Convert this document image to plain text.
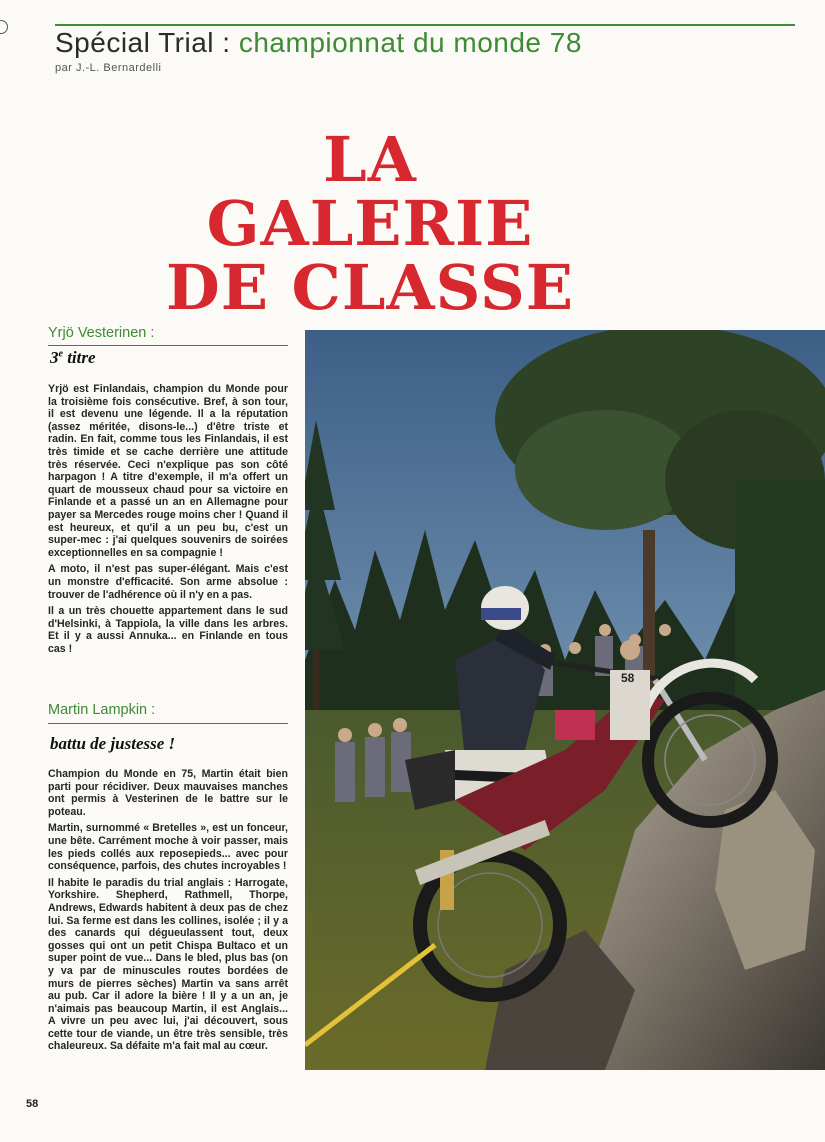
Spécial Trial : championnat du monde 78
par J.-L. Bernardelli
LA
GALERIE
DE CLASSE
Yrjö Vesterinen :
3e titre

Yrjö est Finlandais, champion du Monde pour la troisième fois consécutive. Bref, à son tour, il est devenu une légende. Il a la réputation (assez méritée, disons-le...) d'être triste et radin. En fait, comme tous les Finlandais, il est très timide et se cache derrière une attitude très réservée. Ceci n'explique pas son côté harpagon ! A titre d'exemple, il m'a offert un quart de mousseux chaud pour sa victoire en Finlande et a passé un an en Allemagne pour payer sa Mercedes rouge moins cher ! Quand il est heureux, et qu'il a un peu bu, c'est un super-mec : j'ai quelques souvenirs de soirées exceptionnelles en sa compagnie !

A moto, il n'est pas super-élégant. Mais c'est un monstre d'efficacité. Son arme absolue : trouver de l'adhérence où il n'y en a pas.

Il a un très chouette appartement dans le sud d'Helsinki, à Tappiola, la ville dans les arbres. Et il y a aussi Annuka... en Finlande en tous cas !

Martin Lampkin :
battu de justesse !

Champion du Monde en 75, Martin était bien parti pour récidiver. Deux mauvaises manches ont permis à Vesterinen de le battre sur le poteau.

Martin, surnommé « Bretelles », est un fonceur, une bête. Carrément moche à voir passer, mais les pieds collés aux reposepieds... avec pour conséquence, parfois, des chutes incroyables !

Il habite le paradis du trial anglais : Harrogate, Yorkshire. Shepherd, Rathmell, Thorpe, Andrews, Edwards habitent à deux pas de chez lui. Sa ferme est dans les collines, isolée ; il y a des canards qui dégueulassent tout, deux gosses qui ont un petit Chispa Bultaco et un super point de vue... Dans le bled, plus bas (on y va par de minuscules routes bordées de murs de pierres sèches) Martin va sans arrêt au pub. Car il adore la bière ! Il y a un an, je n'aimais pas beaucoup Martin, il est Anglais... A vivre un peu avec lui, j'ai découvert, sous cette tour de viande, un être très sensible, très chaleureux. Sa défaite m'a fait mal au cœur.

58
58
